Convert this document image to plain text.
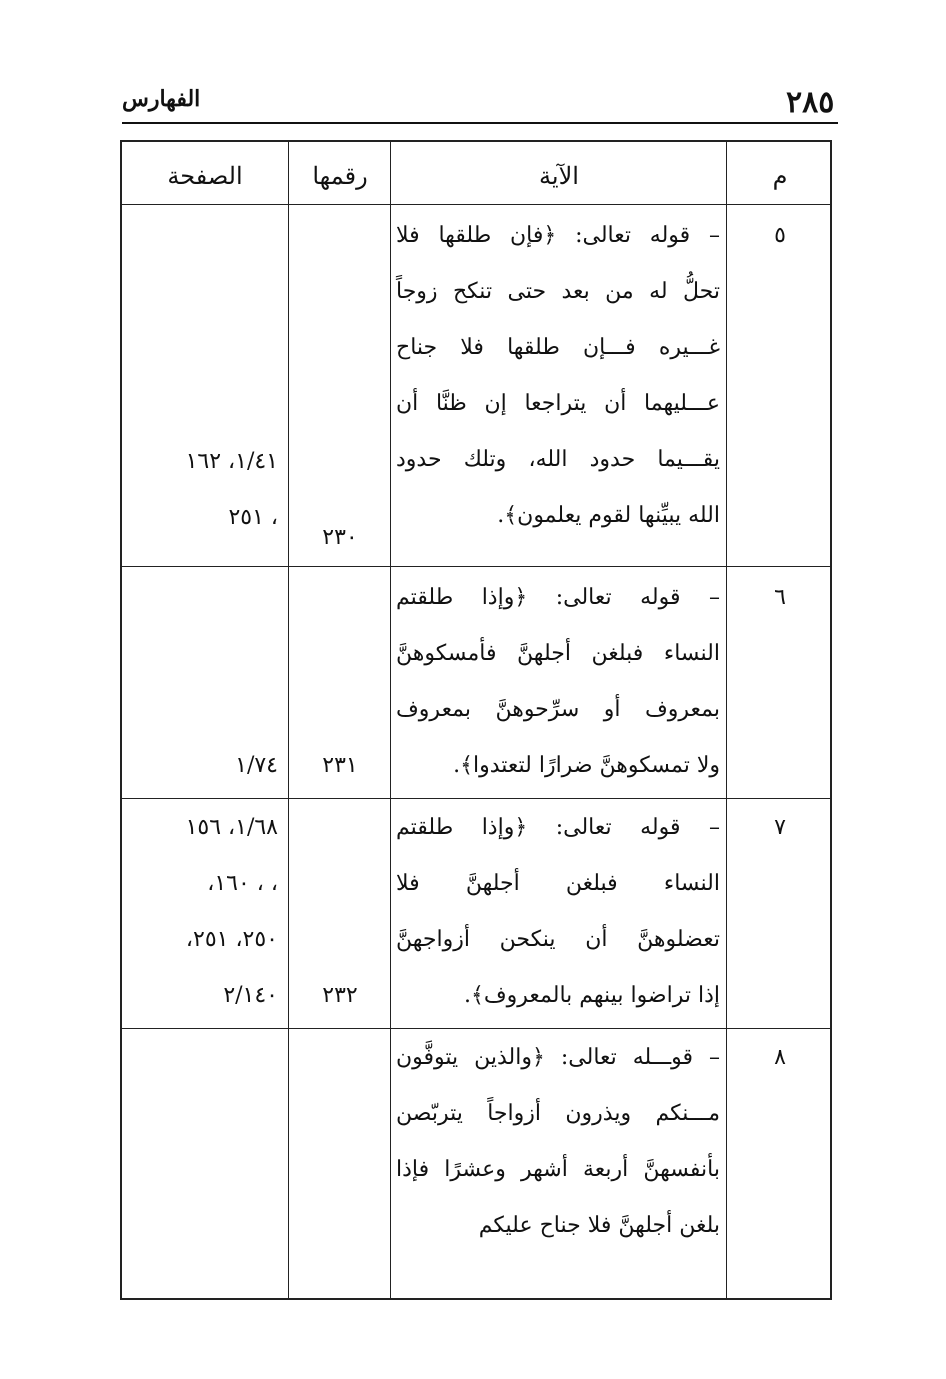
٢٨٥
الفهارس
م
الآية
رقمها
الصفحة
٥
– قوله تعالى: ﴿فإن طلقها فلا
تحلُّ له من بعد حتى تنكح زوجاً
غـــيره فـــإن طلقها فلا جناح
عـــليهما أن يتراجعا إن ظنَّا أن
يقـــيما حدود الله، وتلك حدود
الله يبيِّنها لقوم يعلمون﴾.
٢٣٠
١/٤١، ١٦٢
، ٢٥١
٦
– قوله تعالى: ﴿وإذا طلقتم
النساء فبلغن أجلهنَّ فأمسكوهنَّ
بمعروف أو سرِّحوهنَّ بمعروف
ولا تمسكوهنَّ ضرارًا لتعتدوا﴾.
٢٣١
١/٧٤
٧
– قوله تعالى: ﴿وإذا طلقتم
النساء فبلغن أجلهنَّ فلا
تعضلوهنَّ أن ينكحن أزواجهنَّ
إذا تراضوا بينهم بالمعروف﴾.
٢٣٢
١/٦٨، ١٥٦
، ، ١٦٠،
٢٥٠، ٢٥١،
٢/١٤٠
٨
– قوـــله تعالى: ﴿والذين يتوفَّون
مـــنكم ويذرون أزواجاً يتربّصن
بأنفسهنَّ أربعة أشهر وعشرًا فإذا
بلغن أجلهنَّ فلا جناح عليكم
